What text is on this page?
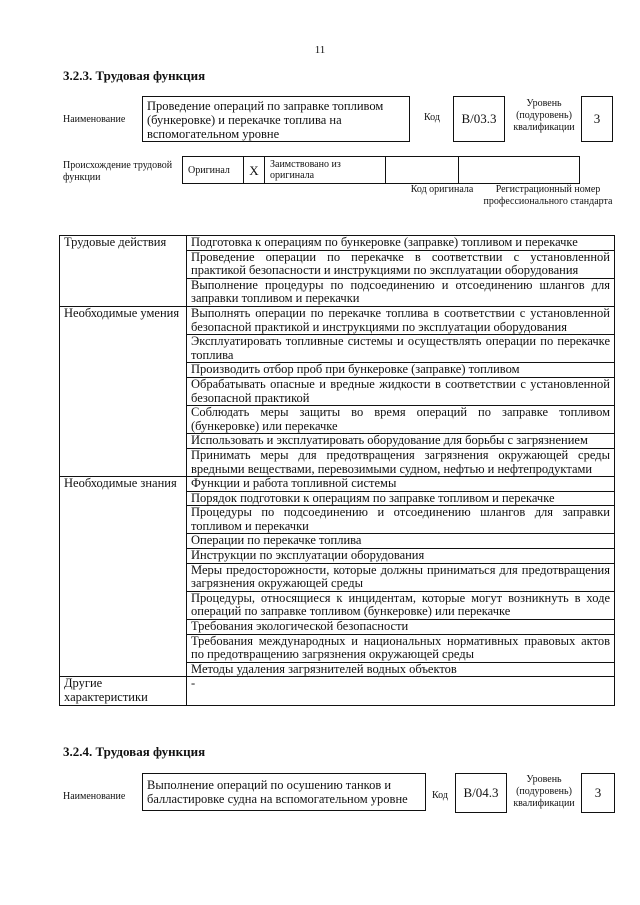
11
3.2.3. Трудовая функция
Наименование
Проведение операций по заправке топливом (бункеровке) и перекачке топлива на вспомогательном уровне
Код	B/03.3
Уровень (подуровень) квалификации
3
Происхождение трудовой функции
Оригинал	X	Заимствовано из оригинала		
Код оригинала	Регистрационный номер профессионального стандарта
Трудовые действия	Подготовка к операциям по бункеровке (заправке) топливом и перекачке
	Проведение операции по перекачке в соответствии с установленной практикой безопасности и инструкциями по эксплуатации оборудования
	Выполнение процедуры по подсоединению и отсоединению шлангов для заправки топливом и перекачки
Необходимые умения	Выполнять операции по перекачке топлива в соответствии с установленной безопасной практикой и инструкциями по эксплуатации оборудования
	Эксплуатировать топливные системы и осуществлять операции по перекачке топлива
	Производить отбор проб при бункеровке (заправке) топливом
	Обрабатывать опасные и вредные жидкости в соответствии с установленной безопасной практикой
	Соблюдать меры защиты во время операций по заправке топливом (бункеровке) или перекачке
	Использовать и эксплуатировать оборудование для борьбы с загрязнением
	Принимать меры для предотвращения загрязнения окружающей среды вредными веществами, перевозимыми судном, нефтью и нефтепродуктами
Необходимые знания	Функции и работа топливной системы
	Порядок подготовки к операциям по заправке топливом и перекачке
	Процедуры по подсоединению и отсоединению шлангов для заправки топливом и перекачки
	Операции по перекачке топлива
	Инструкции по эксплуатации оборудования
	Меры предосторожности, которые должны приниматься для предотвращения загрязнения окружающей среды
	Процедуры, относящиеся к инцидентам, которые могут возникнуть в ходе операций по заправке топливом (бункеровке) или перекачке
	Требования экологической безопасности
	Требования международных и национальных нормативных правовых актов по предотвращению загрязнения окружающей среды
	Методы удаления загрязнителей водных объектов
Другие характеристики	-
3.2.4. Трудовая функция
Наименование
Выполнение операций по осушению танков и балластировке судна на вспомогательном уровне	Код	B/04.3
Уровень (подуровень) квалификации
3
